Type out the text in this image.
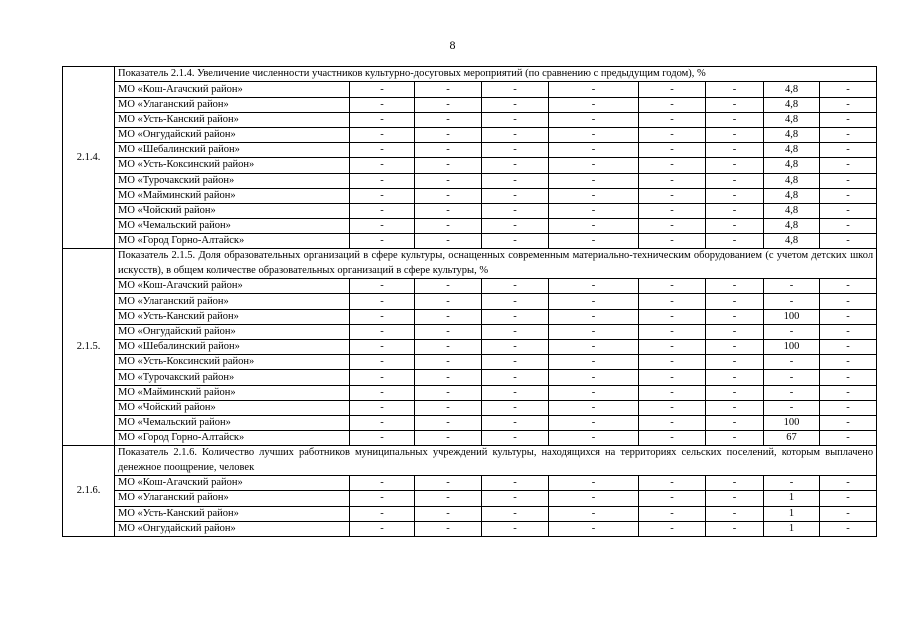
8
2.1.4.	Показатель 2.1.4. Увеличение численности участников культурно-досуговых мероприятий (по сравнению с предыдущим годом), %								
	МО «Кош-Агачский район»	-	-	-	-	-	-	4,8	-
	МО «Улаганский район»	-	-	-	-	-	-	4,8	-
	МО «Усть-Канский район»	-	-	-	-	-	-	4,8	-
	МО «Онгудайский район»	-	-	-	-	-	-	4,8	-
	МО «Шебалинский район»	-	-	-	-	-	-	4,8	-
	МО «Усть-Коксинский район»	-	-	-	-	-	-	4,8	-
	МО «Турочакский район»	-	-	-	-	-	-	4,8	-
	МО «Майминский район»	-	-	-	-	-	-	4,8	-
	МО «Чойский район»	-	-	-	-	-	-	4,8	-
	МО «Чемальский район»	-	-	-	-	-	-	4,8	-
	МО «Город Горно-Алтайск»	-	-	-	-	-	-	4,8	-
2.1.5.	Показатель 2.1.5. Доля образовательных организаций в сфере культуры, оснащенных современным материально-техническим оборудованием (с учетом детских школ искусств), в общем количестве образовательных организаций в сфере культуры, %								
	МО «Кош-Агачский район»	-	-	-	-	-	-	-	-
	МО «Улаганский район»	-	-	-	-	-	-	-	-
	МО «Усть-Канский район»	-	-	-	-	-	-	100	-
	МО «Онгудайский район»	-	-	-	-	-	-	-	-
	МО «Шебалинский район»	-	-	-	-	-	-	100	-
	МО «Усть-Коксинский район»	-	-	-	-	-	-	-	-
	МО «Турочакский район»	-	-	-	-	-	-	-	-
	МО «Майминский район»	-	-	-	-	-	-	-	-
	МО «Чойский район»	-	-	-	-	-	-	-	-
	МО «Чемальский район»	-	-	-	-	-	-	100	-
	МО «Город Горно-Алтайск»	-	-	-	-	-	-	67	-
2.1.6.	Показатель 2.1.6. Количество лучших работников муниципальных учреждений культуры, находящихся на территориях сельских поселений, которым выплачено денежное поощрение, человек								
	МО «Кош-Агачский район»	-	-	-	-	-	-	-	-
	МО «Улаганский район»	-	-	-	-	-	-	1	-
	МО «Усть-Канский район»	-	-	-	-	-	-	1	-
	МО «Онгудайский район»	-	-	-	-	-	-	1	-
